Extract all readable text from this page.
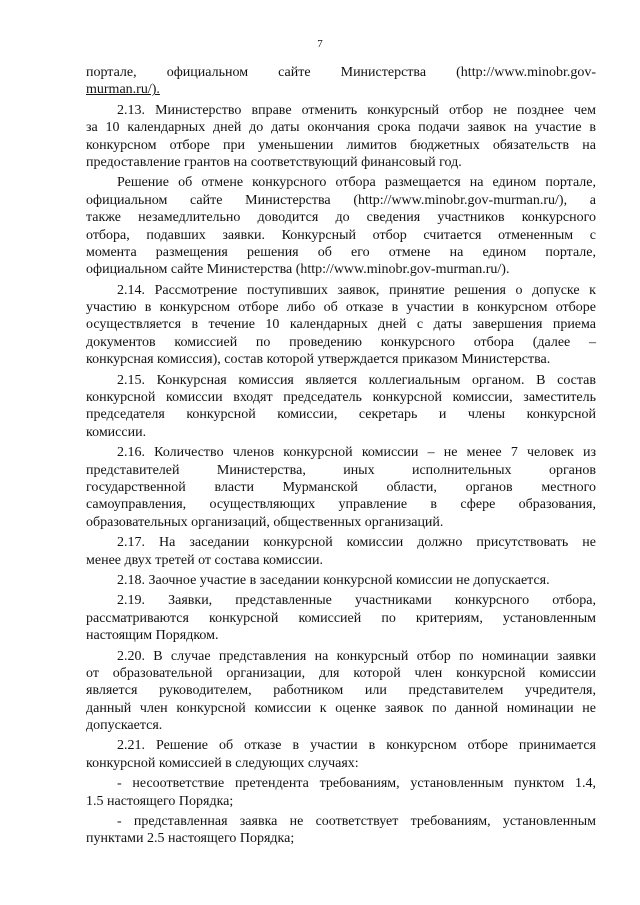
7
портале, официальном сайте Министерства (http://www.minobr.gov-
murman.ru/).
2.13. Министерство вправе отменить конкурсный отбор не позднее чем
за 10 календарных дней до даты окончания срока подачи заявок на участие в
конкурсном отборе при уменьшении лимитов бюджетных обязательств на
предоставление грантов на соответствующий финансовый год.
Решение об отмене конкурсного отбора размещается на едином портале,
официальном сайте Министерства (http://www.minobr.gov-murman.ru/), а
также незамедлительно доводится до сведения участников конкурсного
отбора, подавших заявки. Конкурсный отбор считается отмененным с
момента размещения решения об его отмене на едином портале,
официальном сайте Министерства (http://www.minobr.gov-murman.ru/).
2.14. Рассмотрение поступивших заявок, принятие решения о допуске к
участию в конкурсном отборе либо об отказе в участии в конкурсном отборе
осуществляется в течение 10 календарных дней с даты завершения приема
документов комиссией по проведению конкурсного отбора (далее –
конкурсная комиссия), состав которой утверждается приказом Министерства.
2.15. Конкурсная комиссия является коллегиальным органом. В состав
конкурсной комиссии входят председатель конкурсной комиссии, заместитель
председателя конкурсной комиссии, секретарь и члены конкурсной
комиссии.
2.16. Количество членов конкурсной комиссии – не менее 7 человек из
представителей Министерства, иных исполнительных органов
государственной власти Мурманской области, органов местного
самоуправления, осуществляющих управление в сфере образования,
образовательных организаций, общественных организаций.
2.17. На заседании конкурсной комиссии должно присутствовать не
менее двух третей от состава комиссии.
2.18. Заочное участие в заседании конкурсной комиссии не допускается.
2.19. Заявки, представленные участниками конкурсного отбора,
рассматриваются конкурсной комиссией по критериям, установленным
настоящим Порядком.
2.20. В случае представления на конкурсный отбор по номинации заявки
от образовательной организации, для которой член конкурсной комиссии
является руководителем, работником или представителем учредителя,
данный член конкурсной комиссии к оценке заявок по данной номинации не
допускается.
2.21. Решение об отказе в участии в конкурсном отборе принимается
конкурсной комиссией в следующих случаях:
- несоответствие претендента требованиям, установленным пунктом 1.4,
1.5 настоящего Порядка;
- представленная заявка не соответствует требованиям, установленным
пунктами 2.5 настоящего Порядка;
